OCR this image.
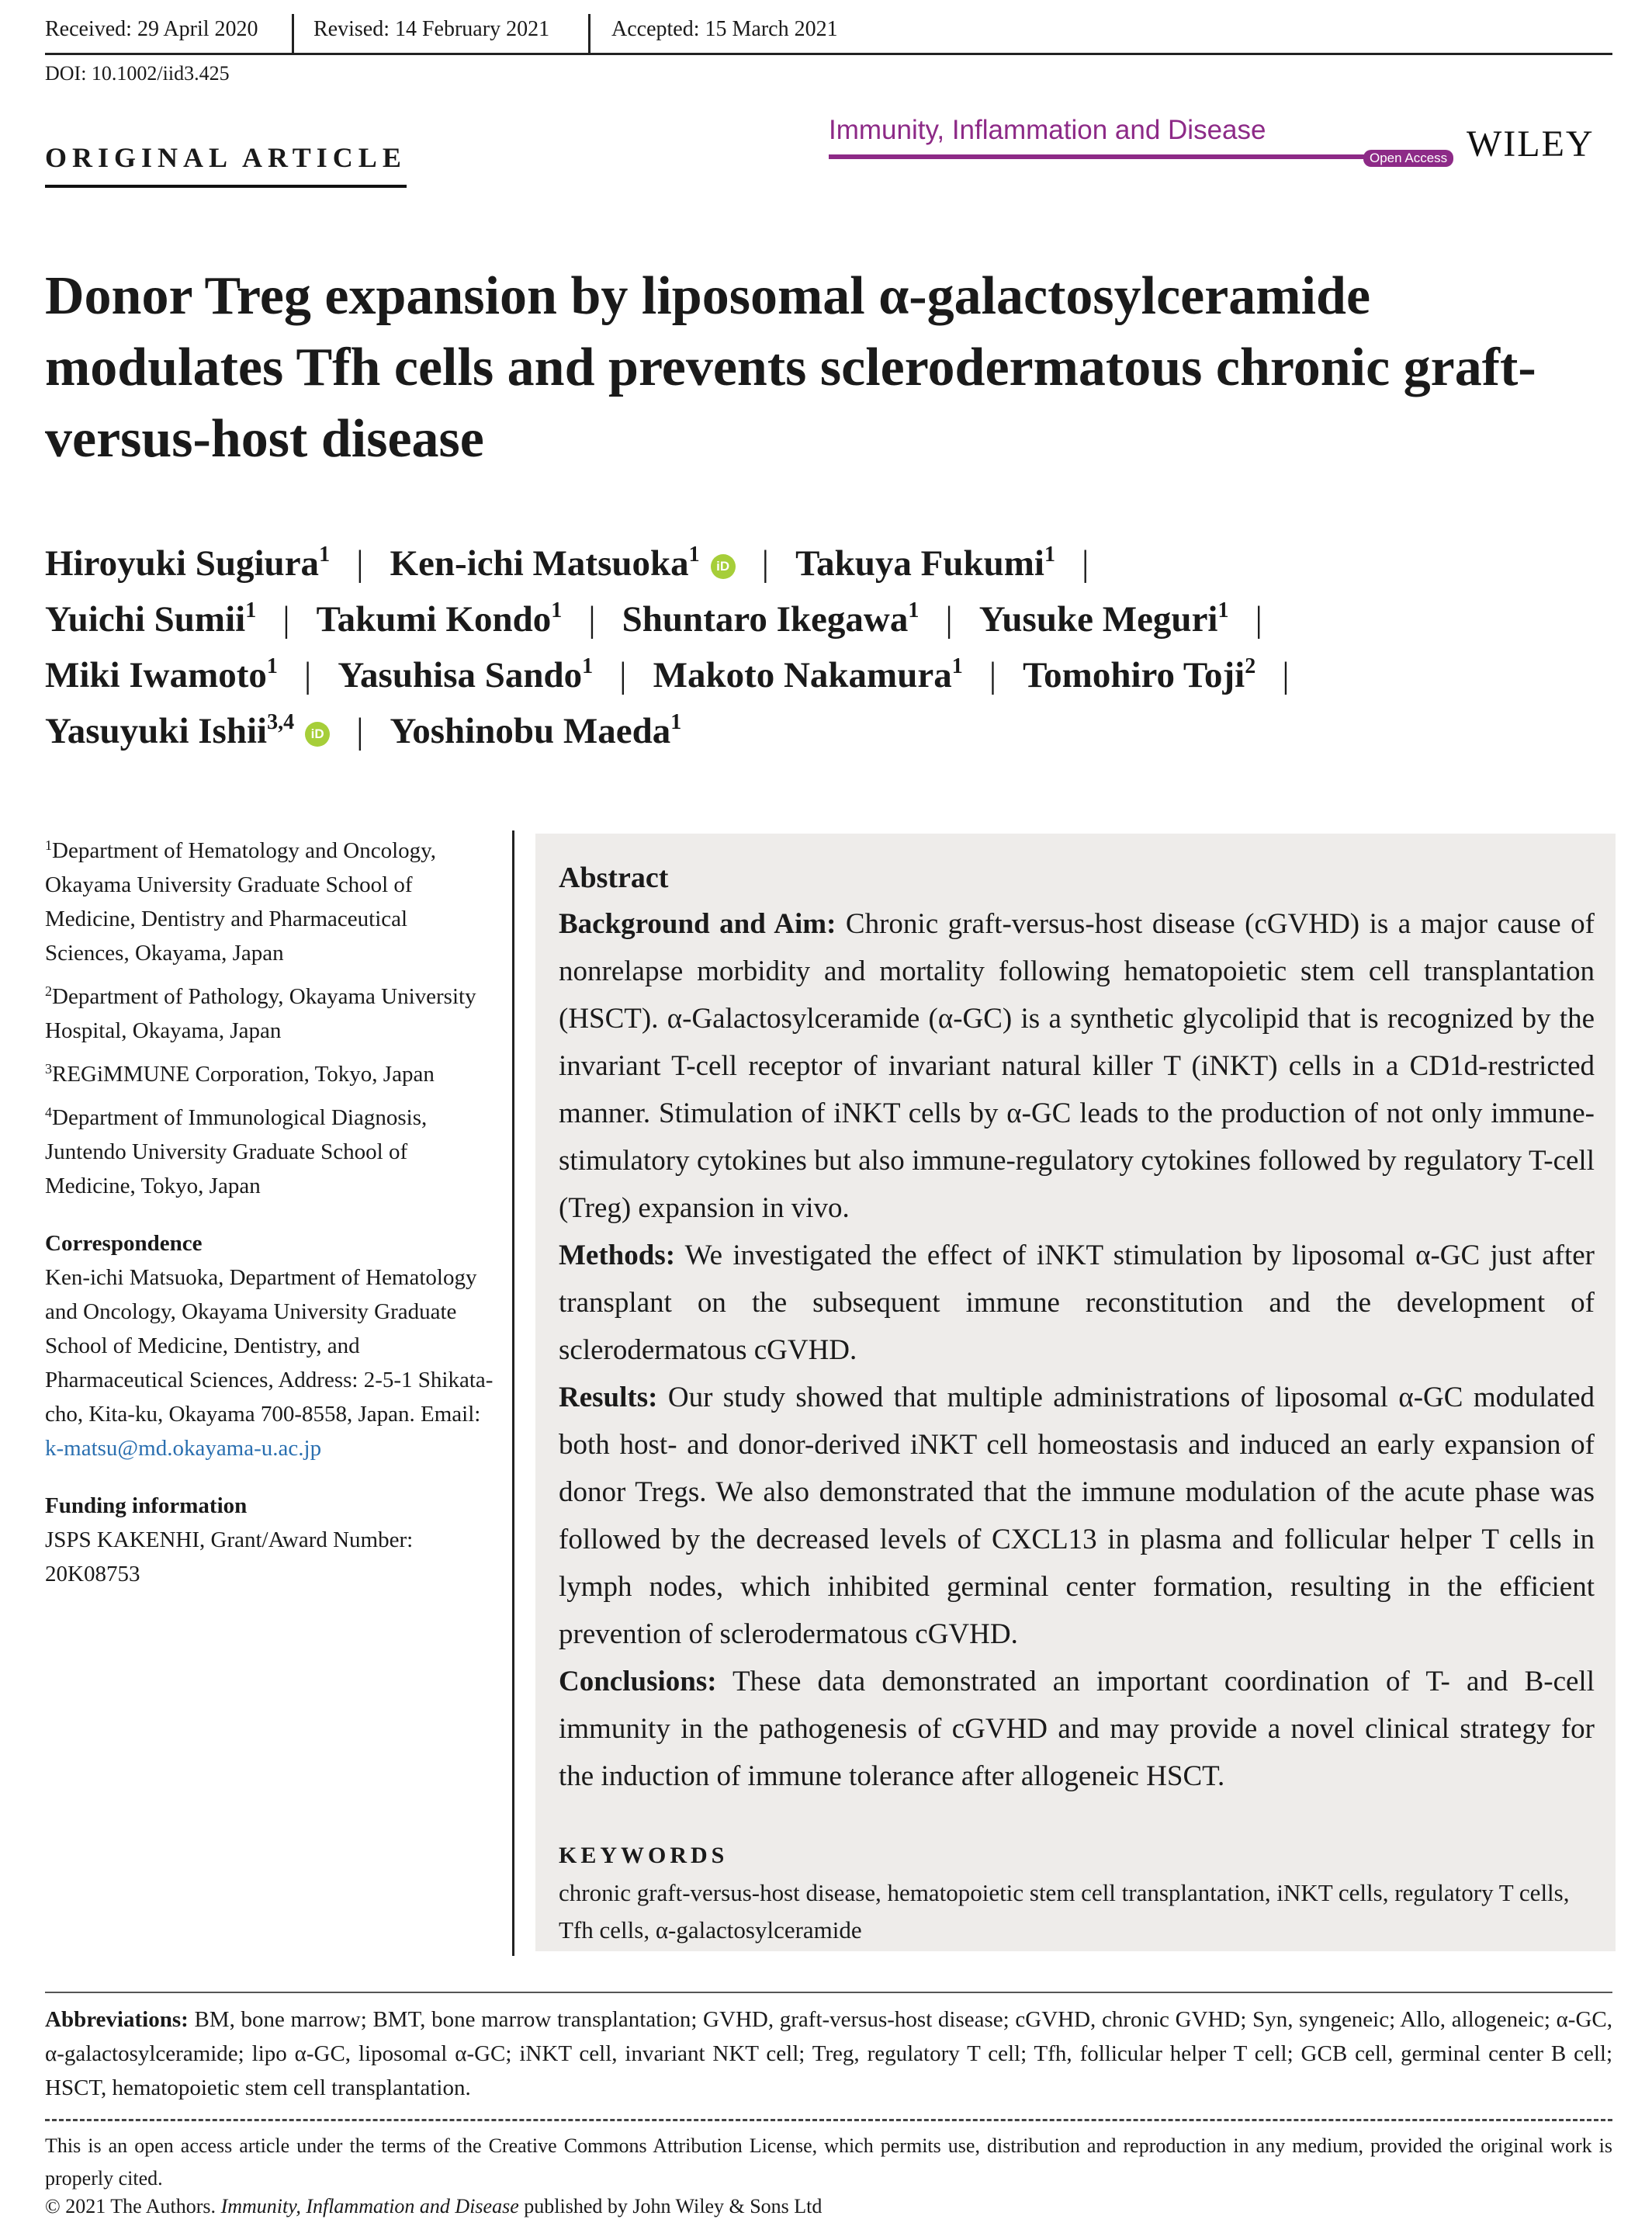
Received: 29 April 2020	Revised: 14 February 2021	Accepted: 15 March 2021
DOI: 10.1002/iid3.425
ORIGINAL ARTICLE
Immunity, Inflammation and Disease
Open Access WILEY
Donor Treg expansion by liposomal α-galactosylceramide modulates Tfh cells and prevents sclerodermatous chronic graft-versus-host disease
Hiroyuki Sugiura$^1$ | Ken-ichi Matsuoka$^1$ iD | Takuya Fukumi$^1$ |
Yuichi Sumii$^1$ | Takumi Kondo$^1$ | Shuntaro Ikegawa$^1$ | Yusuke Meguri$^1$ |
Miki Iwamoto$^1$ | Yasuhisa Sando$^1$ | Makoto Nakamura$^1$ | Tomohiro Toji$^2$ |
Yasuyuki Ishii$^{3,4}$ iD | Yoshinobu Maeda$^1$
$^1$Department of Hematology and Oncology, Okayama University Graduate School of Medicine, Dentistry and Pharmaceutical Sciences, Okayama, Japan
$^2$Department of Pathology, Okayama University Hospital, Okayama, Japan
$^3$REGiMMUNE Corporation, Tokyo, Japan
$^4$Department of Immunological Diagnosis, Juntendo University Graduate School of Medicine, Tokyo, Japan
Correspondence
Ken-ichi Matsuoka, Department of Hematology and Oncology, Okayama University Graduate School of Medicine, Dentistry, and Pharmaceutical Sciences, Address: 2-5-1 Shikata-cho, Kita-ku, Okayama 700-8558, Japan. Email: k-matsu@md.okayama-u.ac.jp
Funding information
JSPS KAKENHI, Grant/Award Number: 20K08753
Abstract

Background and Aim: Chronic graft-versus-host disease (cGVHD) is a major cause of nonrelapse morbidity and mortality following hematopoietic stem cell transplantation (HSCT). α-Galactosylceramide (α-GC) is a synthetic glycolipid that is recognized by the invariant T-cell receptor of invariant natural killer T (iNKT) cells in a CD1d-restricted manner. Stimulation of iNKT cells by α-GC leads to the production of not only immune-stimulatory cytokines but also immune-regulatory cytokines followed by regulatory T-cell (Treg) expansion in vivo.

Methods: We investigated the effect of iNKT stimulation by liposomal α-GC just after transplant on the subsequent immune reconstitution and the development of sclerodermatous cGVHD.

Results: Our study showed that multiple administrations of liposomal α-GC modulated both host- and donor-derived iNKT cell homeostasis and induced an early expansion of donor Tregs. We also demonstrated that the immune modulation of the acute phase was followed by the decreased levels of CXCL13 in plasma and follicular helper T cells in lymph nodes, which inhibited germinal center formation, resulting in the efficient prevention of sclerodermatous cGVHD.

Conclusions: These data demonstrated an important coordination of T- and B-cell immunity in the pathogenesis of cGVHD and may provide a novel clinical strategy for the induction of immune tolerance after allogeneic HSCT.

KEYWORDS
chronic graft-versus-host disease, hematopoietic stem cell transplantation, iNKT cells, regulatory T cells, Tfh cells, α-galactosylceramide
Abbreviations: BM, bone marrow; BMT, bone marrow transplantation; GVHD, graft-versus-host disease; cGVHD, chronic GVHD; Syn, syngeneic; Allo, allogeneic; α-GC, α-galactosylceramide; lipo α-GC, liposomal α-GC; iNKT cell, invariant NKT cell; Treg, regulatory T cell; Tfh, follicular helper T cell; GCB cell, germinal center B cell; HSCT, hematopoietic stem cell transplantation.
This is an open access article under the terms of the Creative Commons Attribution License, which permits use, distribution and reproduction in any medium, provided the original work is properly cited.
© 2021 The Authors. Immunity, Inflammation and Disease published by John Wiley & Sons Ltd
